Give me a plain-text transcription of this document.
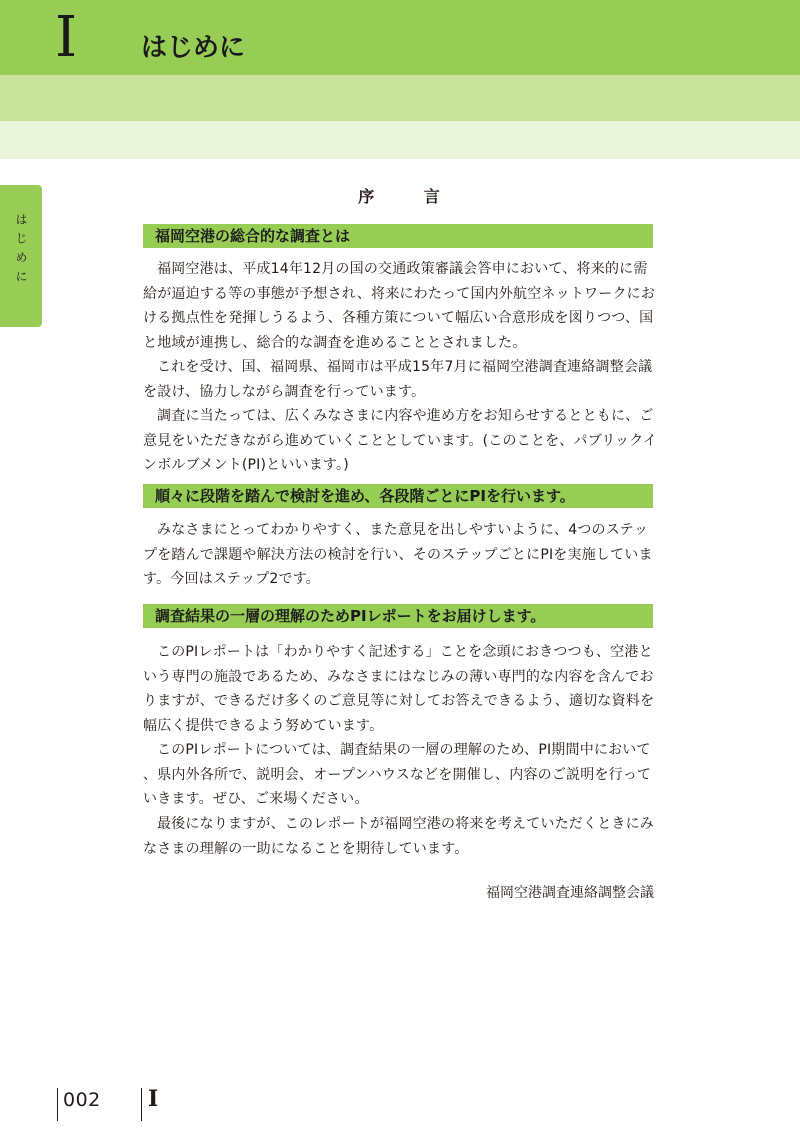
I はじめに
はじめに
序 言
福岡空港の総合的な調査とは

福岡空港は、平成14年12月の国の交通政策審議会答申において、将来的に需給が逼迫する等の事態が予想され、将来にわたって国内外航空ネットワークにおける拠点性を発揮しうるよう、各種方策について幅広い合意形成を図りつつ、国と地域が連携し、総合的な調査を進めることとされました。

これを受け、国、福岡県、福岡市は平成15年7月に福岡空港調査連絡調整会議を設け、協力しながら調査を行っています。

調査に当たっては、広くみなさまに内容や進め方をお知らせするとともに、ご意見をいただきながら進めていくこととしています。(このことを、パブリックインボルブメント(PI)といいます。)

順々に段階を踏んで検討を進め、各段階ごとにPIを行います。

みなさまにとってわかりやすく、また意見を出しやすいように、4つのステップを踏んで課題や解決方法の検討を行い、そのステップごとにPIを実施しています。今回はステップ2です。

調査結果の一層の理解のためPIレポートをお届けします。

このPIレポートは「わかりやすく記述する」ことを念頭におきつつも、空港という専門の施設であるため、みなさまにはなじみの薄い専門的な内容を含んでおりますが、できるだけ多くのご意見等に対してお答えできるよう、適切な資料を幅広く提供できるよう努めています。

このPIレポートについては、調査結果の一層の理解のため、PI期間中において、県内外各所で、説明会、オープンハウスなどを開催し、内容のご説明を行っていきます。ぜひ、ご来場ください。

最後になりますが、このレポートが福岡空港の将来を考えていただくときにみなさまの理解の一助になることを期待しています。

福岡空港調査連絡調整会議
002 I
